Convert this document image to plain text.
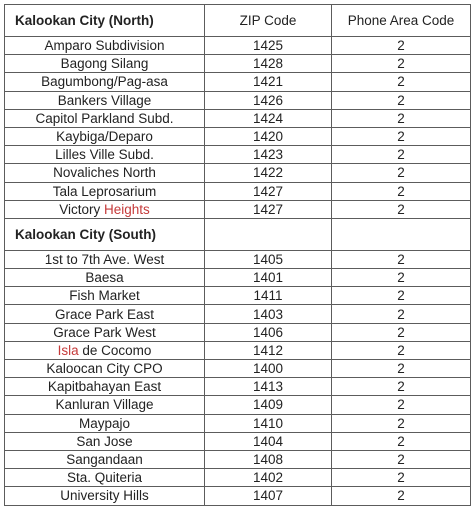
Kalookan City (North)	ZIP Code	Phone Area Code
Amparo Subdivision	1425	2
Bagong Silang	1428	2
Bagumbong/Pag-asa	1421	2
Bankers Village	1426	2
Capitol Parkland Subd.	1424	2
Kaybiga/Deparo	1420	2
Lilles Ville Subd.	1423	2
Novaliches North	1422	2
Tala Leprosarium	1427	2
Victory Heights	1427	2
Kalookan City (South)		
1st to 7th Ave. West	1405	2
Baesa	1401	2
Fish Market	1411	2
Grace Park East	1403	2
Grace Park West	1406	2
Isla de Cocomo	1412	2
Kaloocan City CPO	1400	2
Kapitbahayan East	1413	2
Kanluran Village	1409	2
Maypajo	1410	2
San Jose	1404	2
Sangandaan	1408	2
Sta. Quiteria	1402	2
University Hills	1407	2
